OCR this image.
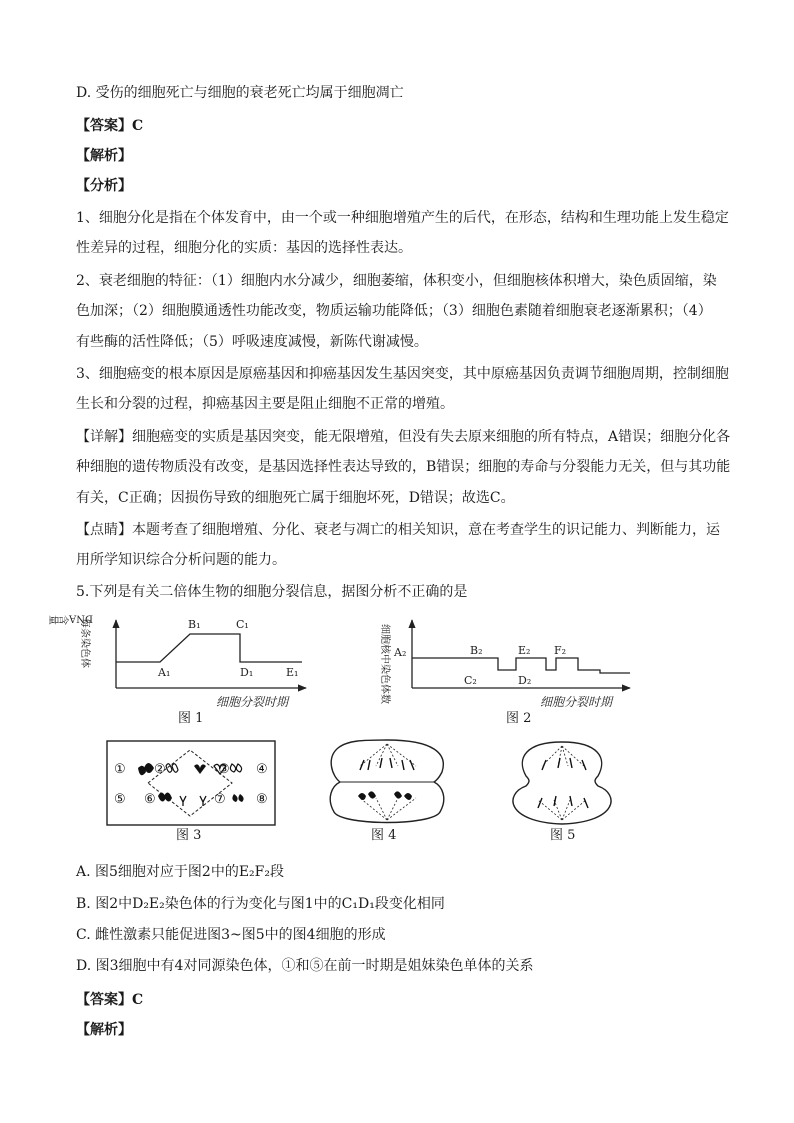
D. 受伤的细胞死亡与细胞的衰老死亡均属于细胞凋亡
【答案】C
【解析】
【分析】
1、细胞分化是指在个体发育中，由一个或一种细胞增殖产生的后代，在形态，结构和生理功能上发生稳定
性差异的过程，细胞分化的实质：基因的选择性表达。
2、衰老细胞的特征：（1）细胞内水分减少，细胞萎缩，体积变小，但细胞核体积增大，染色质固缩，染
色加深；（2）细胞膜通透性功能改变，物质运输功能降低；（3）细胞色素随着细胞衰老逐渐累积；（4）
有些酶的活性降低；（5）呼吸速度减慢，新陈代谢减慢。
3、细胞癌变的根本原因是原癌基因和抑癌基因发生基因突变，其中原癌基因负责调节细胞周期，控制细胞
生长和分裂的过程，抑癌基因主要是阻止细胞不正常的增殖。
【详解】细胞癌变的实质是基因突变，能无限增殖，但没有失去原来细胞的所有特点，A错误；细胞分化各
种细胞的遗传物质没有改变，是基因选择性表达导致的，B错误；细胞的寿命与分裂能力无关，但与其功能
有关，C正确；因损伤导致的细胞死亡属于细胞坏死，D错误；故选C。
【点睛】本题考查了细胞增殖、分化、衰老与凋亡的相关知识，意在考查学生的识记能力、判断能力，运
用所学知识综合分析问题的能力。
5.下列是有关二倍体生物的细胞分裂信息，据图分析不正确的是
DNA含量
每条染色体
A₁
B₁	C₁
D₁	E₁
细胞分裂时期
图 1
细胞核中染色体数 A₂	B₂
C₂
E₂
D₂
F₂
细胞分裂时期
图 2
① ②	③ ④
⑤ ⑥	⑦ ⑧
图 3	图 4	图 5
A. 图5细胞对应于图2中的E₂F₂段
B. 图2中D₂E₂染色体的行为变化与图1中的C₁D₁段变化相同
C. 雌性激素只能促进图3~图5中的图4细胞的形成
D. 图3细胞中有4对同源染色体，①和⑤在前一时期是姐妹染色单体的关系
【答案】C
【解析】
